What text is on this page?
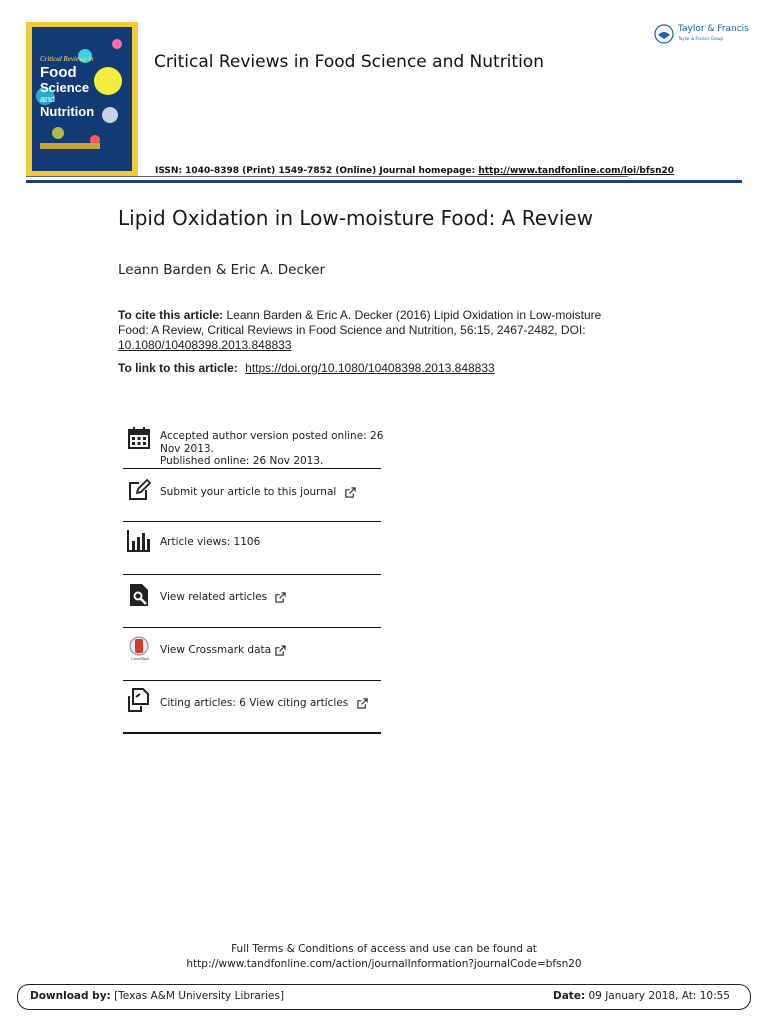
Critical Reviews in
Food
Science
and
Nutrition
Critical Reviews in Food Science and Nutrition
Taylor & Francis
Taylor & Francis Group
ISSN: 1040-8398 (Print) 1549-7852 (Online) Journal homepage: http://www.tandfonline.com/loi/bfsn20
Lipid Oxidation in Low-moisture Food: A Review
Leann Barden & Eric A. Decker
To cite this article: Leann Barden & Eric A. Decker (2016) Lipid Oxidation in Low-moisture Food: A Review, Critical Reviews in Food Science and Nutrition, 56:15, 2467-2482, DOI: 10.1080/10408398.2013.848833
To link to this article: https://doi.org/10.1080/10408398.2013.848833
Accepted author version posted online: 26
Nov 2013.
Published online: 26 Nov 2013.
Submit your article to this journal
Article views: 1106
View related articles
CrossMark
View Crossmark data
Citing articles: 6 View citing articles
Full Terms & Conditions of access and use can be found at
http://www.tandfonline.com/action/journalInformation?journalCode=bfsn20
Download by: [Texas A&M University Libraries]	Date: 09 January 2018, At: 10:55
